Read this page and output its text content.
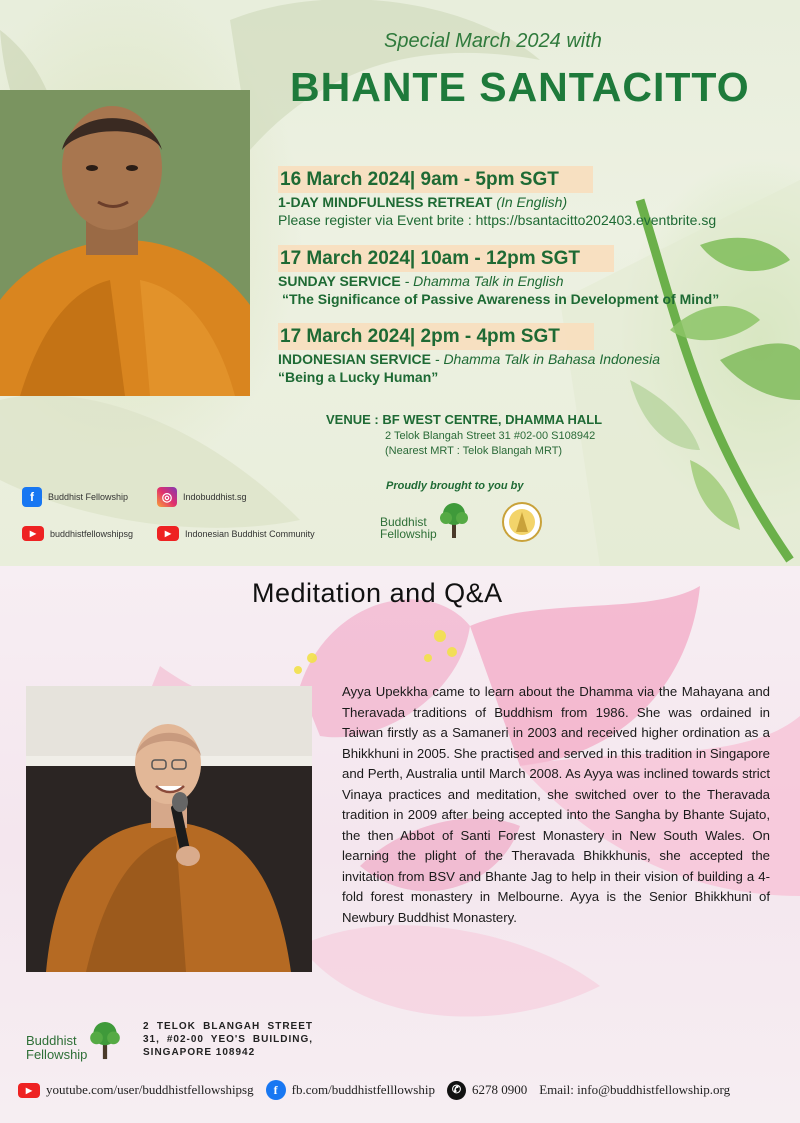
Special March 2024 with
BHANTE SANTACITTO
16 March 2024| 9am - 5pm SGT
1-DAY MINDFULNESS RETREAT (In English)
Please register via Event brite : https://bsantacitto202403.eventbrite.sg
17 March 2024| 10am - 12pm SGT
SUNDAY SERVICE - Dhamma Talk in English
“The Significance of Passive Awareness in Development of Mind”
17 March 2024| 2pm - 4pm SGT
INDONESIAN SERVICE - Dhamma Talk in Bahasa Indonesia
“Being a Lucky Human”
VENUE : BF WEST CENTRE, DHAMMA HALL
2 Telok Blangah Street 31 #02-00 S108942
(Nearest MRT : Telok Blangah MRT)
f	Buddhist Fellowship	◎	Indobuddhist.sg
▶	buddhistfellowshipsg	▶	Indonesian Buddhist Community
Proudly brought to you by
Buddhist
Fellowship
Meditation and Q&A
Ayya Upekkha came to learn about the Dhamma via the Mahayana and Theravada traditions of Buddhism from 1986. She was ordained in Taiwan firstly as a Samaneri in 2003 and received higher ordination as a Bhikkhuni in 2005. She practised and served in this tradition in Singapore and Perth, Australia until March 2008. As Ayya was inclined towards strict Vinaya practices and meditation, she switched over to the Theravada tradition in 2009 after being accepted into the Sangha by Bhante Sujato, the then Abbot of Santi Forest Monastery in New South Wales. On learning the plight of the Theravada Bhikkhunis, she accepted the invitation from BSV and Bhante Jag to help in their vision of building a 4-fold forest monastery in Melbourne. Ayya is the Senior Bhikkhuni of Newbury Buddhist Monastery.
Buddhist
Fellowship
2 TELOK BLANGAH STREET 31, #02-00 YEO'S BUILDING, SINGAPORE 108942
▶	youtube.com/user/buddhistfellowshipsg	f	fb.com/buddhistfelllowship	✆ 6278 0900 Email: info@buddhistfellowship.org
